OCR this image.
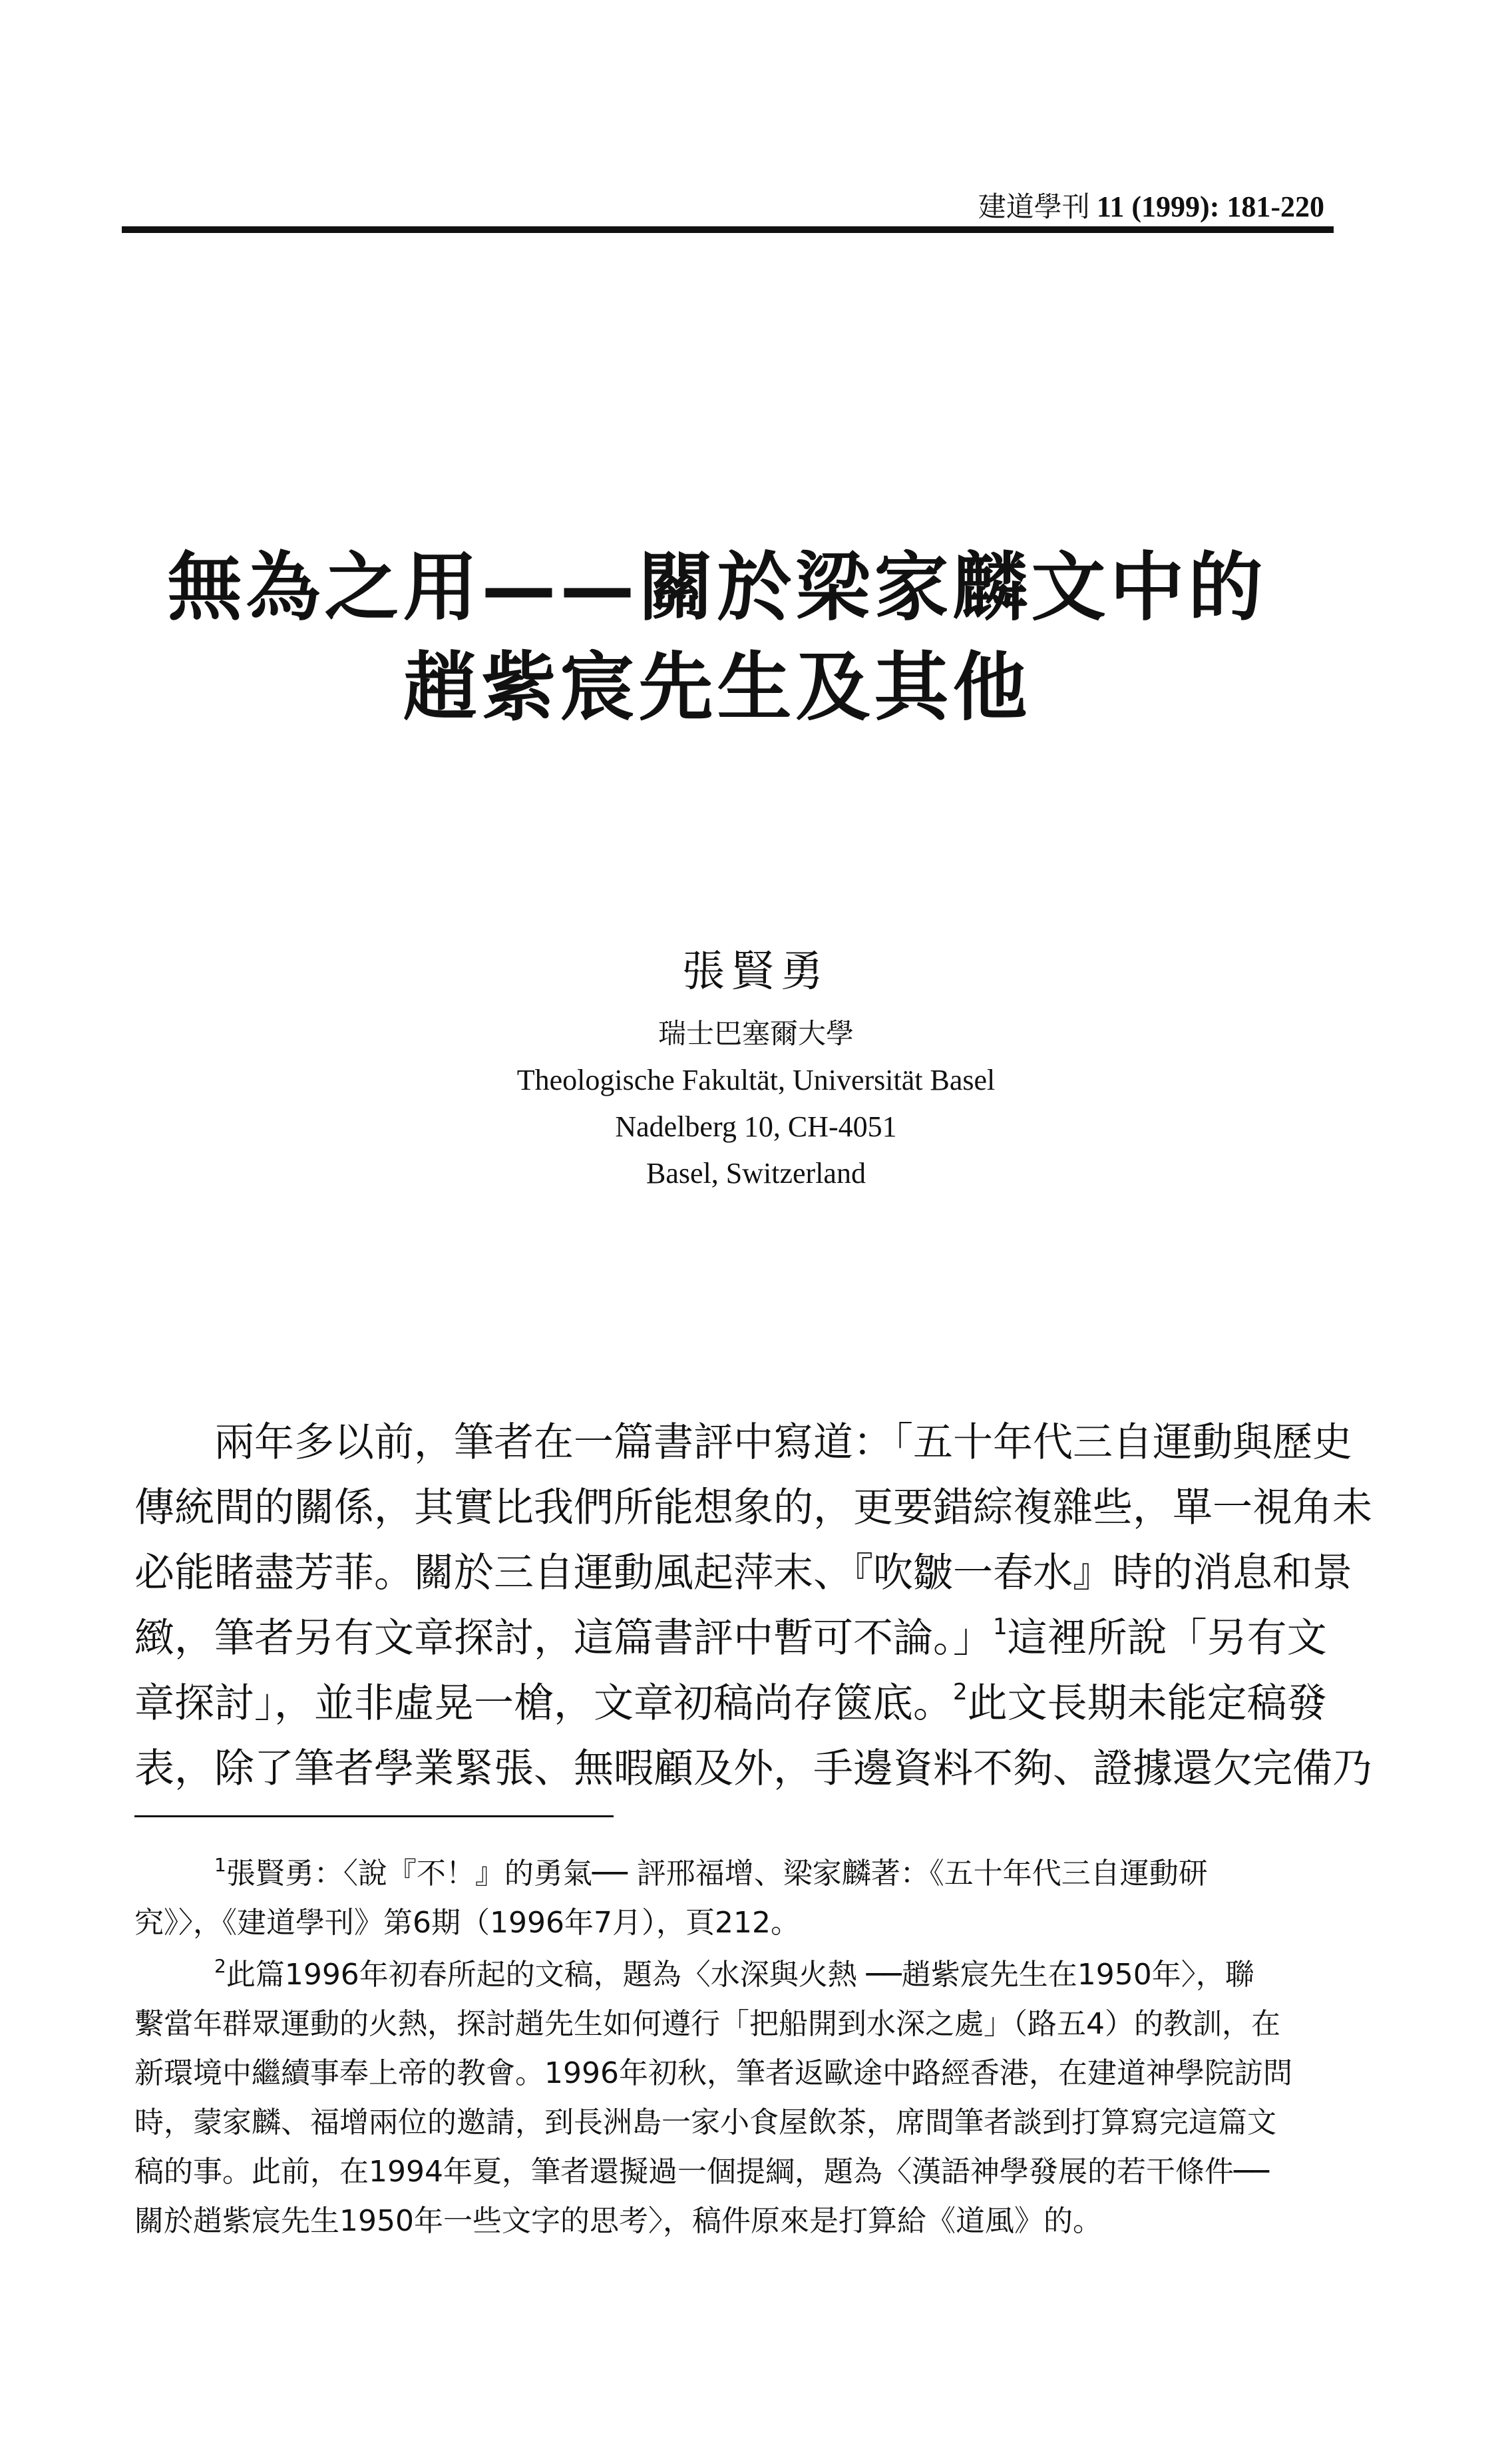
建道學刊 11 (1999): 181-220
無為之用——關於梁家麟文中的
趙紫宸先生及其他
張賢勇
瑞士巴塞爾大學
Theologische Fakultät, Universität Basel
Nadelberg 10, CH-4051
Basel, Switzerland
兩年多以前，筆者在一篇書評中寫道：「五十年代三自運動與歷史
傳統間的關係，其實比我們所能想象的，更要錯綜複雜些，單一視角未
必能睹盡芳菲。關於三自運動風起萍末、『吹皺一春水』時的消息和景
緻，筆者另有文章探討，這篇書評中暫可不論。」$^1$這裡所說「另有文
章探討」，並非虛晃一槍，文章初稿尚存篋底。$^2$此文長期未能定稿發
表，除了筆者學業緊張、無暇顧及外，手邊資料不夠、證據還欠完備乃
$^1$張賢勇：〈說『不！』的勇氣── 評邢福增、梁家麟著：《五十年代三自運動研
究》〉，《建道學刊》第6期（1996年7月），頁212。
$^2$此篇1996年初春所起的文稿，題為〈水深與火熱 ──趙紫宸先生在1950年〉，聯
繫當年群眾運動的火熱，探討趙先生如何遵行「把船開到水深之處」（路五4）的教訓，在
新環境中繼續事奉上帝的教會。1996年初秋，筆者返歐途中路經香港，在建道神學院訪問
時，蒙家麟、福增兩位的邀請，到長洲島一家小食屋飲茶，席間筆者談到打算寫完這篇文
稿的事。此前，在1994年夏，筆者還擬過一個提綱，題為〈漢語神學發展的若干條件──
關於趙紫宸先生1950年一些文字的思考〉，稿件原來是打算給《道風》的。
